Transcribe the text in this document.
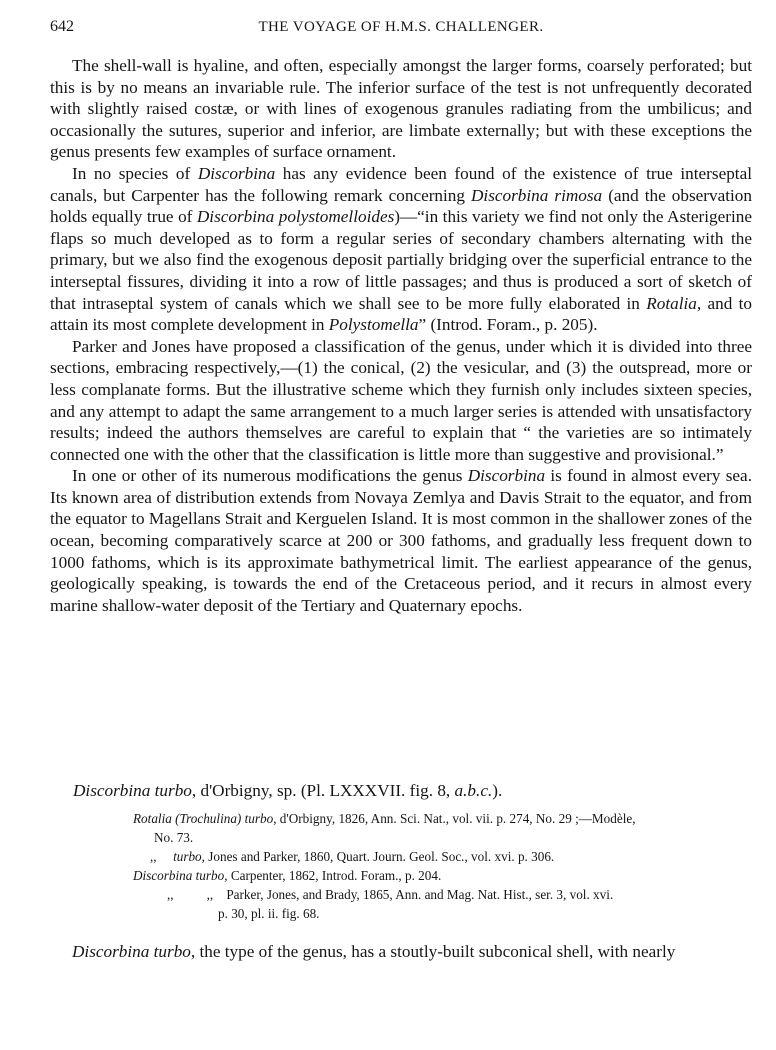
642	THE VOYAGE OF H.M.S. CHALLENGER.

The shell-wall is hyaline, and often, especially amongst the larger forms, coarsely perforated; but this is by no means an invariable rule. The inferior surface of the test is not unfrequently decorated with slightly raised costæ, or with lines of exogenous granules radiating from the umbilicus; and occasionally the sutures, superior and inferior, are limbate externally; but with these exceptions the genus presents few examples of surface ornament.

In no species of Discorbina has any evidence been found of the existence of true interseptal canals, but Carpenter has the following remark concerning Discorbina rimosa (and the observation holds equally true of Discorbina polystomelloides)—“in this variety we find not only the Asterigerine flaps so much developed as to form a regular series of secondary chambers alternating with the primary, but we also find the exogenous deposit partially bridging over the superficial entrance to the interseptal fissures, dividing it into a row of little passages; and thus is produced a sort of sketch of that intraseptal system of canals which we shall see to be more fully elaborated in Rotalia, and to attain its most complete development in Polystomella” (Introd. Foram., p. 205).

Parker and Jones have proposed a classification of the genus, under which it is divided into three sections, embracing respectively,—(1) the conical, (2) the vesicular, and (3) the outspread, more or less complanate forms. But the illustrative scheme which they furnish only includes sixteen species, and any attempt to adapt the same arrangement to a much larger series is attended with unsatisfactory results; indeed the authors themselves are careful to explain that “ the varieties are so intimately connected one with the other that the classification is little more than suggestive and provisional.”

In one or other of its numerous modifications the genus Discorbina is found in almost every sea. Its known area of distribution extends from Novaya Zemlya and Davis Strait to the equator, and from the equator to Magellans Strait and Kerguelen Island. It is most common in the shallower zones of the ocean, becoming comparatively scarce at 200 or 300 fathoms, and gradually less frequent down to 1000 fathoms, which is its approximate bathymetrical limit. The earliest appearance of the genus, geologically speaking, is towards the end of the Cretaceous period, and it recurs in almost every marine shallow-water deposit of the Tertiary and Quaternary epochs.

Discorbina turbo, d'Orbigny, sp. (Pl. LXXXVII. fig. 8, a.b.c.).
Rotalia (Trochulina) turbo, d'Orbigny, 1826, Ann. Sci. Nat., vol. vii. p. 274, No. 29 ;—Modèle,
No. 73.
,,     turbo, Jones and Parker, 1860, Quart. Journ. Geol. Soc., vol. xvi. p. 306.
Discorbina turbo, Carpenter, 1862, Introd. Foram., p. 204.
,,          ,,    Parker, Jones, and Brady, 1865, Ann. and Mag. Nat. Hist., ser. 3, vol. xvi.
p. 30, pl. ii. fig. 68.
Discorbina turbo, the type of the genus, has a stoutly-built subconical shell, with nearly
